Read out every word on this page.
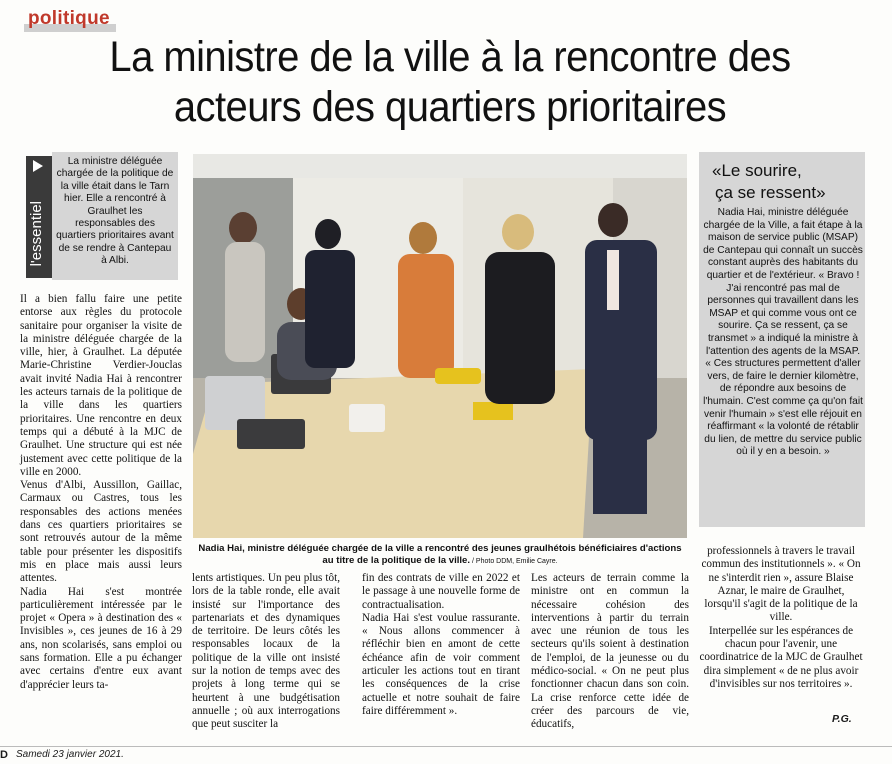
politique
La ministre de la ville à la rencontre des acteurs des quartiers prioritaires
l'essentiel
La ministre déléguée chargée de la politique de la ville était dans le Tarn hier. Elle a rencontré à Graulhet les responsables des quartiers prioritaires avant de se rendre à Cantepau à Albi.
Nadia Hai, ministre déléguée chargée de la ville a rencontré des jeunes graulhétois bénéficiaires d'actions au titre de la politique de la ville. / Photo DDM, Emilie Cayre.
«Le sourire,
ça se ressent»
Nadia Hai, ministre déléguée chargée de la Ville, a fait étape à la maison de service public (MSAP) de Cantepau qui connaît un succès constant auprès des habitants du quartier et de l'extérieur. « Bravo ! J'ai rencontré pas mal de personnes qui travaillent dans les MSAP et qui comme vous ont ce sourire. Ça se ressent, ça se transmet » a indiqué la ministre à l'attention des agents de la MSAP. « Ces structures permettent d'aller vers, de faire le dernier kilomètre, de répondre aux besoins de l'humain. C'est comme ça qu'on fait venir l'humain » s'est elle réjouit en réaffirmant « la volonté de rétablir du lien, de mettre du service public où il y en a besoin. »

Il a bien fallu faire une petite entorse aux règles du protocole sanitaire pour organiser la visite de la ministre déléguée chargée de la ville, hier, à Graulhet. La députée Marie-Christine Verdier-Jouclas avait invité Nadia Hai à rencontrer les acteurs tarnais de la politique de la ville dans les quartiers prioritaires. Une rencontre en deux temps qui a débuté à la MJC de Graulhet. Une structure qui est née justement avec cette politique de la ville en 2000.

Venus d'Albi, Aussillon, Gaillac, Carmaux ou Castres, tous les responsables des actions menées dans ces quartiers prioritaires se sont retrouvés autour de la même table pour présenter les dispositifs mis en place mais aussi leurs attentes.

Nadia Hai s'est montrée particulièrement intéressée par le projet « Opera » à destination des « Invisibles », ces jeunes de 16 à 29 ans, non scolarisés, sans emploi ou sans formation. Elle a pu échanger avec certains d'entre eux avant d'apprécier leurs ta-

lents artistiques. Un peu plus tôt, lors de la table ronde, elle avait insisté sur l'importance des partenariats et des dynamiques de territoire. De leurs côtés les responsables locaux de la politique de la ville ont insisté sur la notion de temps avec des projets à long terme qui se heurtent à une budgétisation annuelle ; où aux interrogations que peut susciter la

fin des contrats de ville en 2022 et le passage à une nouvelle forme de contractualisation.

Nadia Hai s'est voulue rassurante. « Nous allons commencer à réfléchir bien en amont de cette échéance afin de voir comment articuler les actions tout en tirant les conséquences de la crise actuelle et notre souhait de faire faire différemment ».

Les acteurs de terrain comme la ministre ont en commun la nécessaire cohésion des interventions à partir du terrain avec une réunion de tous les secteurs qu'ils soient à destination de l'emploi, de la jeunesse ou du médico-social. « On ne peut plus fonctionner chacun dans son coin. La crise renforce cette idée de créer des parcours de vie, éducatifs,

professionnels à travers le travail commun des institutionnels ». « On ne s'interdit rien », assure Blaise Aznar, le maire de Graulhet, lorsqu'il s'agit de la politique de la ville.

Interpellée sur les espérances de chacun pour l'avenir, une coordinatrice de la MJC de Graulhet dira simplement « de ne plus avoir d'invisibles sur nos territoires ».

P.G.
D Samedi 23 janvier 2021.
